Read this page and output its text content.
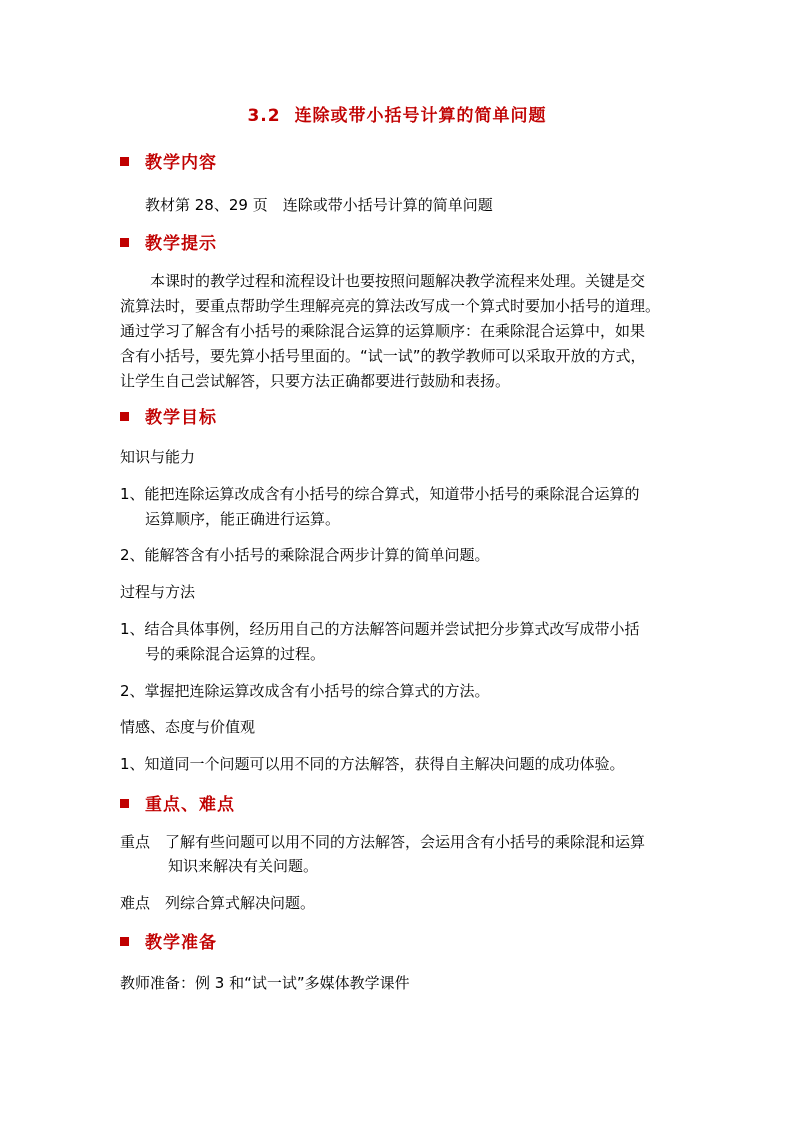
3.2 连除或带小括号计算的简单问题
教学内容
教材第 28、29 页　连除或带小括号计算的简单问题
教学提示
本课时的教学过程和流程设计也要按照问题解决教学流程来处理。关键是交
流算法时，要重点帮助学生理解亮亮的算法改写成一个算式时要加小括号的道理。
通过学习了解含有小括号的乘除混合运算的运算顺序：在乘除混合运算中，如果
含有小括号，要先算小括号里面的。“试一试”的教学教师可以采取开放的方式，
让学生自己尝试解答，只要方法正确都要进行鼓励和表扬。
教学目标
知识与能力
1、能把连除运算改成含有小括号的综合算式，知道带小括号的乘除混合运算的
运算顺序，能正确进行运算。
2、能解答含有小括号的乘除混合两步计算的简单问题。
过程与方法
1、结合具体事例，经历用自己的方法解答问题并尝试把分步算式改写成带小括
号的乘除混合运算的过程。
2、掌握把连除运算改成含有小括号的综合算式的方法。
情感、态度与价值观
1、知道同一个问题可以用不同的方法解答，获得自主解决问题的成功体验。
重点、难点
重点　了解有些问题可以用不同的方法解答，会运用含有小括号的乘除混和运算
知识来解决有关问题。
难点　列综合算式解决问题。
教学准备
教师准备：例 3 和“试一试”多媒体教学课件
